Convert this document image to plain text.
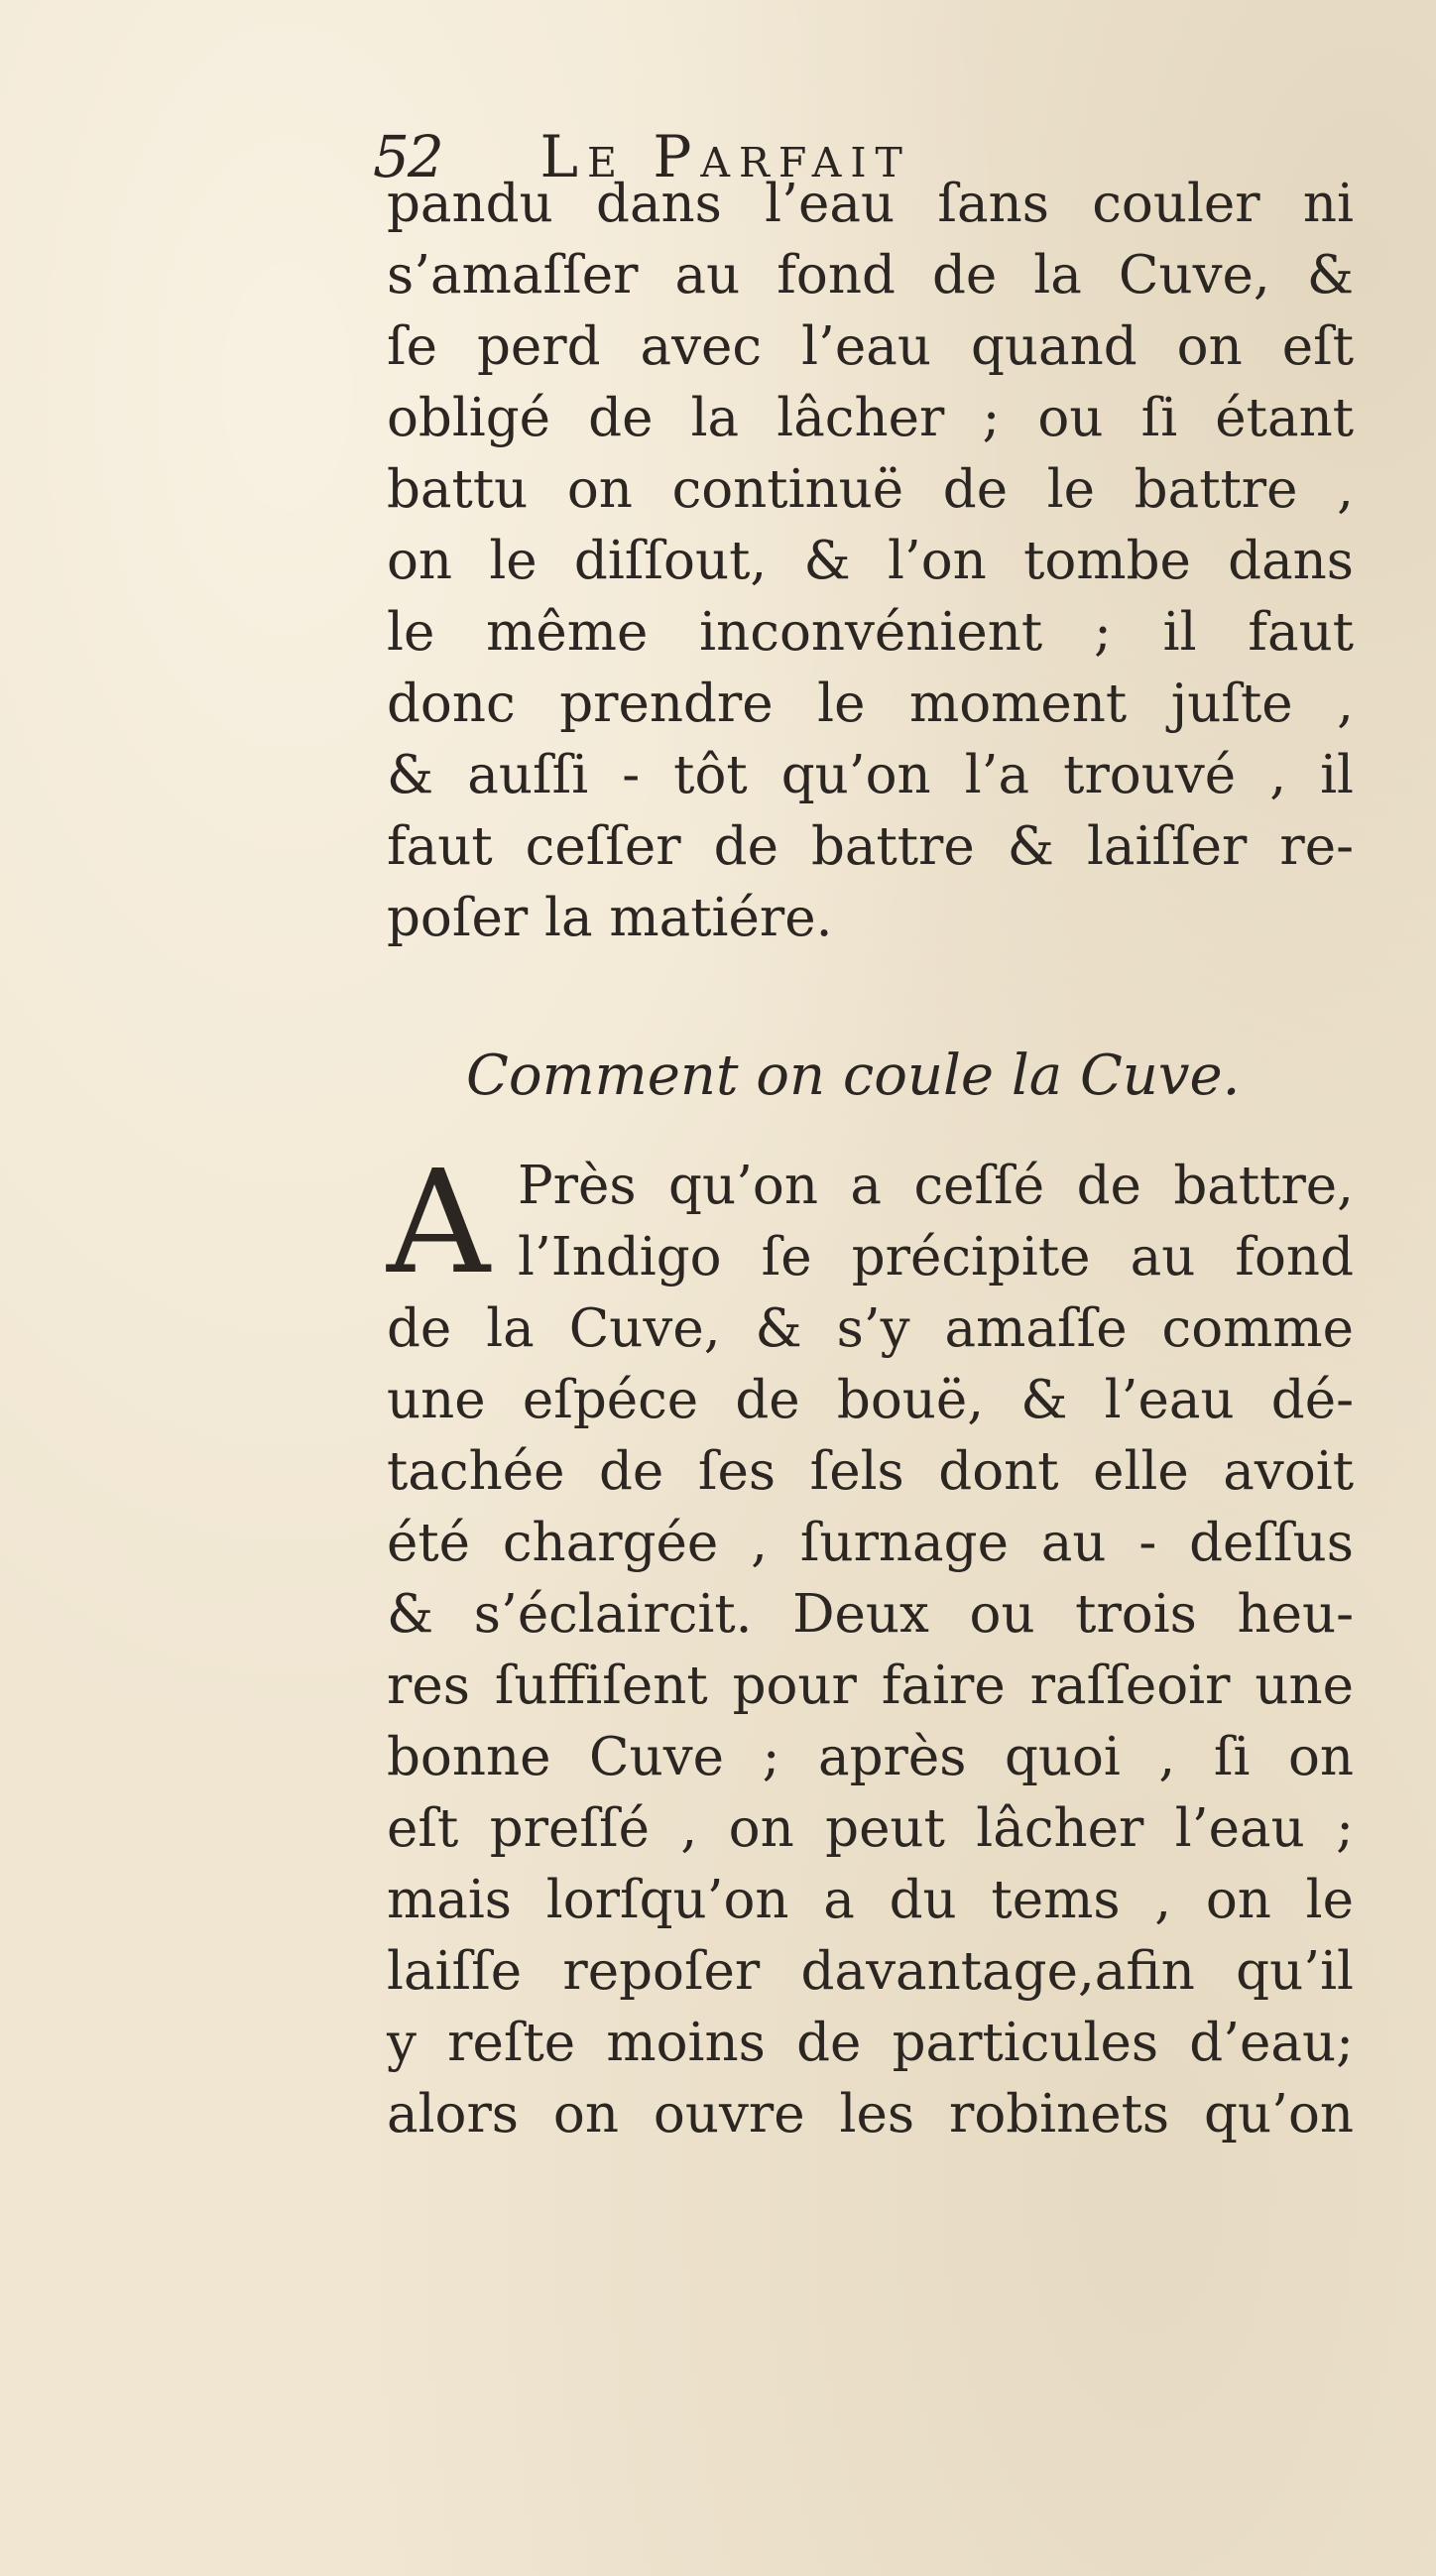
52 Le Parfait
pandu dans l’eau ſans couler ni
s’amaſſer au fond de la Cuve, &
ſe perd avec l’eau quand on eſt
obligé de la lâcher ; ou ſi étant
battu on continuë de le battre ,
on le diſſout, & l’on tombe dans
le même inconvénient ; il faut
donc prendre le moment juſte ,
& auſſi - tôt qu’on l’a trouvé , il
faut ceſſer de battre & laiſſer re-
poſer la matiére.
Comment on coule la Cuve.
A Près qu’on a ceſſé de battre,
l’Indigo ſe précipite au fond
de la Cuve, & s’y amaſſe comme
une eſpéce de bouë, & l’eau dé-
tachée de ſes ſels dont elle avoit
été chargée , ſurnage au - deſſus
& s’éclaircit. Deux ou trois heu-
res ſuffiſent pour faire raſſeoir une
bonne Cuve ; après quoi , ſi on
eſt preſſé , on peut lâcher l’eau ;
mais lorſqu’on a du tems , on le
laiſſe repoſer davantage,afin qu’il
y reſte moins de particules d’eau;
alors on ouvre les robinets qu’on
